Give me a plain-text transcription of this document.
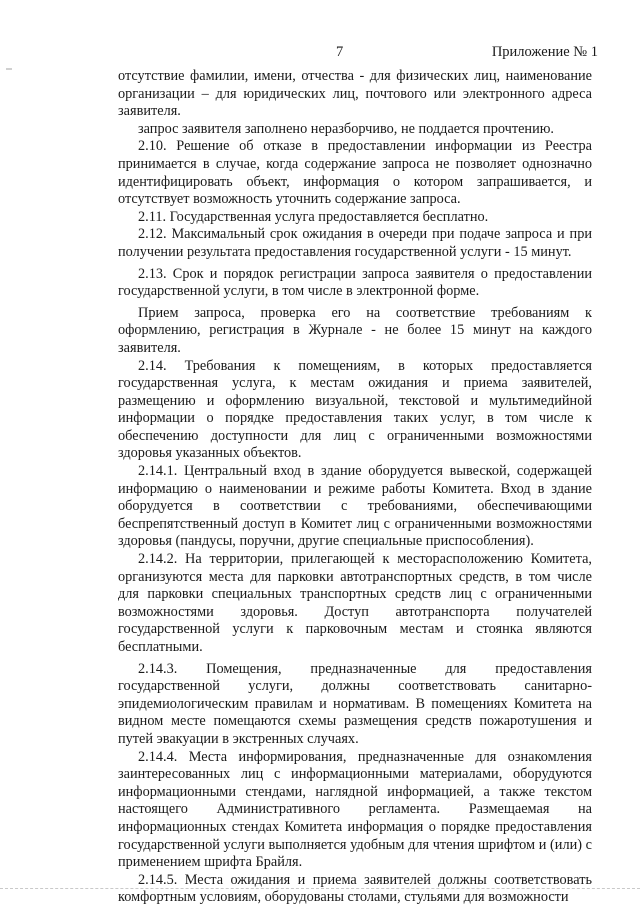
7	Приложение № 1

отсутствие фамилии, имени, отчества - для физических лиц, наименование организации – для юридических лиц, почтового или электронного адреса заявителя.

запрос заявителя заполнено неразборчиво, не поддается прочтению.

2.10. Решение об отказе в предоставлении информации из Реестра принимается в случае, когда содержание запроса не позволяет однозначно идентифицировать объект, информация о котором запрашивается, и отсутствует возможность уточнить содержание запроса.

2.11. Государственная услуга предоставляется бесплатно.

2.12. Максимальный срок ожидания в очереди при подаче запроса и при получении результата предоставления государственной услуги - 15 минут.

2.13. Срок и порядок регистрации запроса заявителя о предоставлении государственной услуги, в том числе в электронной форме.

Прием запроса, проверка его на соответствие требованиям к оформлению, регистрация в Журнале - не более 15 минут на каждого заявителя.

2.14. Требования к помещениям, в которых предоставляется государственная услуга, к местам ожидания и приема заявителей, размещению и оформлению визуальной, текстовой и мультимедийной информации о порядке предоставления таких услуг, в том числе к обеспечению доступности для лиц с ограниченными возможностями здоровья указанных объектов.

2.14.1. Центральный вход в здание оборудуется вывеской, содержащей информацию о наименовании и режиме работы Комитета. Вход в здание оборудуется в соответствии с требованиями, обеспечивающими беспрепятственный доступ в Комитет лиц с ограниченными возможностями здоровья (пандусы, поручни, другие специальные приспособления).

2.14.2. На территории, прилегающей к месторасположению Комитета, организуются места для парковки автотранспортных средств, в том числе для парковки специальных транспортных средств лиц с ограниченными возможностями здоровья. Доступ автотранспорта получателей государственной услуги к парковочным местам и стоянка являются бесплатными.

2.14.3. Помещения, предназначенные для предоставления государственной услуги, должны соответствовать санитарно-эпидемиологическим правилам и нормативам. В помещениях Комитета на видном месте помещаются схемы размещения средств пожаротушения и путей эвакуации в экстренных случаях.

2.14.4. Места информирования, предназначенные для ознакомления заинтересованных лиц с информационными материалами, оборудуются информационными стендами, наглядной информацией, а также текстом настоящего Административного регламента. Размещаемая на информационных стендах Комитета информация о порядке предоставления государственной услуги выполняется удобным для чтения шрифтом и (или) с применением шрифта Брайля.

2.14.5. Места ожидания и приема заявителей должны соответствовать комфортным условиям, оборудованы столами, стульями для возможности
